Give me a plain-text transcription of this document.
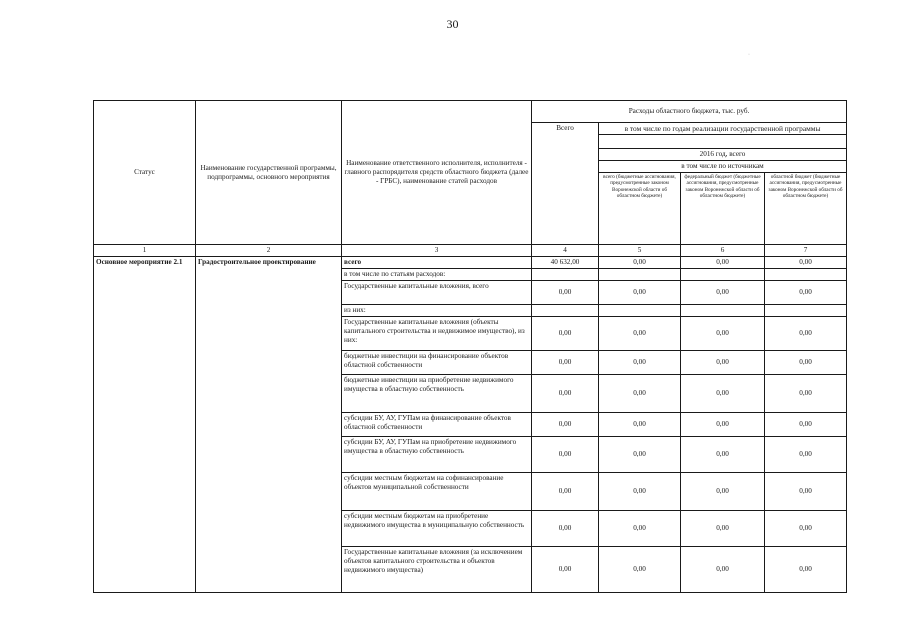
30
·
Статус	Наименование государственной программы, подпрограммы, основного мероприятия	Наименование ответственного исполнителя, исполнителя - главного распорядителя средств областного бюджета (далее - ГРБС), наименование статей расходов	Расходы областного бюджета, тыс. руб.			
			Всего	в том числе по годам реализации государственной программы		

				2016 год, всего		
				в том числе по источникам		
				всего (бюджетные ассигнования, предусмотренные законом Воронежской области об областном бюджете)	федеральный бюджет (бюджетные ассигнования, предусмотренные законом Воронежской области об областном бюджете)	областной бюджет (бюджетные ассигнования, предусмотренные законом Воронежской области об областном бюджете)
1	2	3	4	5	6	7
Основное мероприятие 2.1	Градостроительное проектирование	всего	40 632,00	0,00	0,00	0,00
		в том числе по статьям расходов:				
		Государственные капитальные вложения, всего	0,00	0,00	0,00	0,00
		из них:				
		Государственные капитальные вложения (объекты капитального строительства и недвижимое имущество), из них:	0,00	0,00	0,00	0,00
		бюджетные инвестиции на финансирование объектов областной собственности	0,00	0,00	0,00	0,00
		бюджетные инвестиции на приобретение недвижимого имущества в областную собственность	0,00	0,00	0,00	0,00
		субсидии БУ, АУ, ГУПам на финансирование объектов областной собственности	0,00	0,00	0,00	0,00
		субсидии БУ, АУ, ГУПам на приобретение недвижимого имущества в областную собственность	0,00	0,00	0,00	0,00
		субсидии местным бюджетам на софинансирование объектов муниципальной собственности	0,00	0,00	0,00	0,00
		субсидии местным бюджетам на приобретение недвижимого имущества в муниципальную собственность	0,00	0,00	0,00	0,00
		Государственные капитальные вложения (за исключением объектов капитального строительства и объектов недвижимого имущества)	0,00	0,00	0,00	0,00
